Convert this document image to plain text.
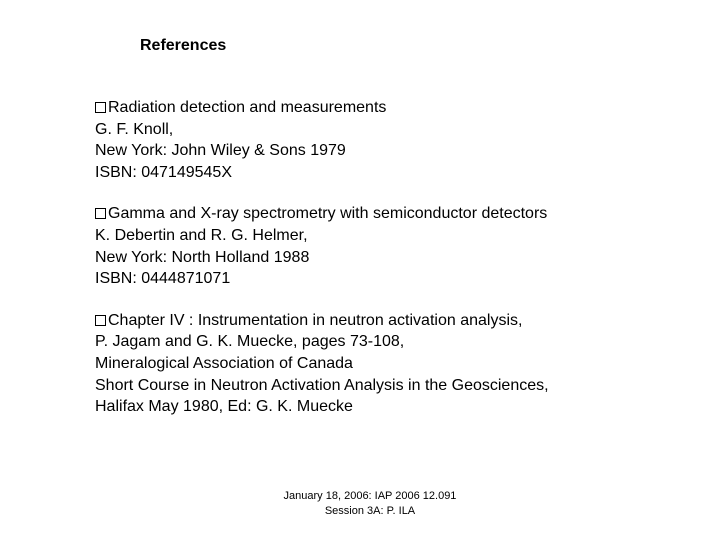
References
Radiation detection and measurements
G. F. Knoll,
New York: John Wiley & Sons 1979
ISBN: 047149545X
Gamma and X-ray spectrometry with semiconductor detectors
K. Debertin and R. G. Helmer,
New York: North Holland 1988
ISBN: 0444871071
Chapter IV : Instrumentation in neutron activation analysis,
P. Jagam and G. K. Muecke, pages 73-108,
Mineralogical Association of Canada
Short Course in Neutron Activation Analysis in the Geosciences,
Halifax May 1980, Ed: G. K. Muecke
January 18, 2006: IAP 2006 12.091
Session 3A: P. ILA
